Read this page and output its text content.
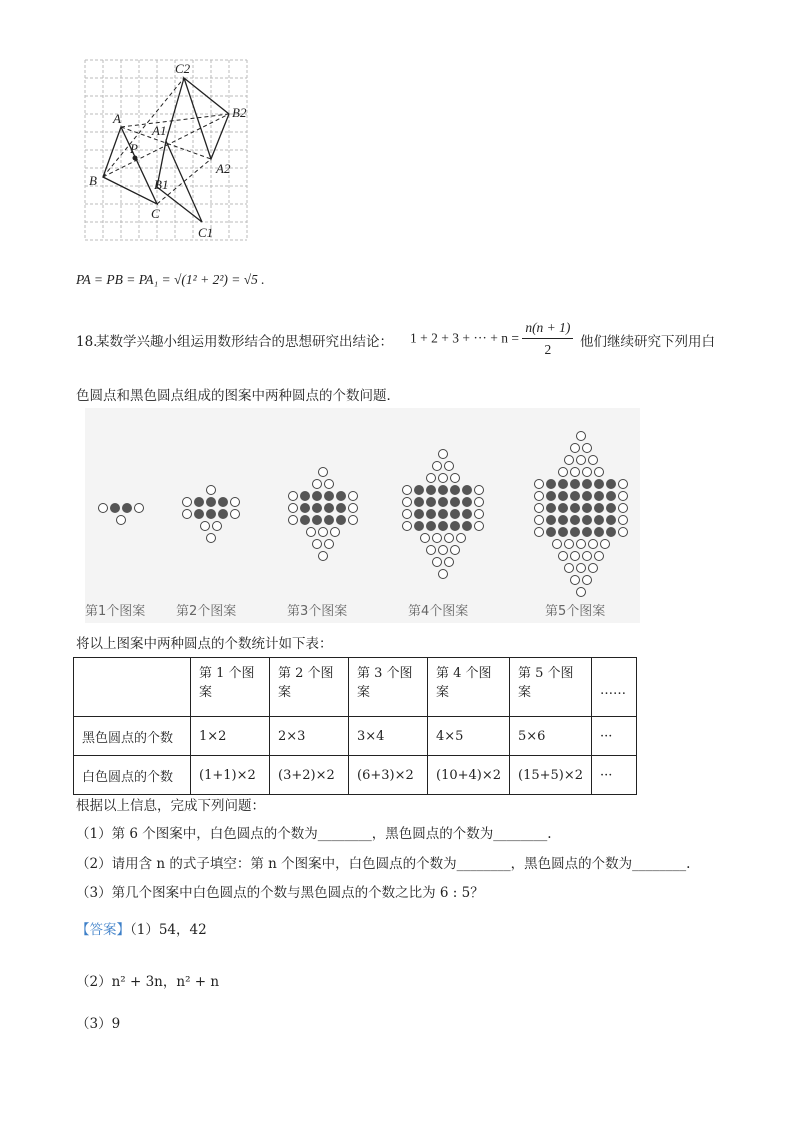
C2
B2
A
A1
P
B	B1
C
A2
C1
PA = PB = PA₁ = √(1² + 2²) = √5 .
18.
某数学兴趣小组运用数形结合的思想研究出结论： 1 + 2 + 3 + ··· + $n = \frac{n(n + 1)}{2}$ 他们继续研究下列用白
色圆点和黑色圆点组成的图案中两种圆点的个数问题．
第1个图案 第2个图案	第3个图案	第4个图案	第5个图案
将以上图案中两种圆点的个数统计如下表：
	第 1 个图案	第 2 个图案	第 3 个图案	第 4 个图案	第 5 个图案	……
黑色圆点的个数	1×2	2×3	3×4	4×5	5×6	···
白色圆点的个数	(1+1)×2	(3+2)×2	(6+3)×2	(10+4)×2	(15+5)×2	···
根据以上信息，完成下列问题：
（1）第 6 个图案中，白色圆点的个数为________，黑色圆点的个数为________.
（2）请用含 n 的式子填空：第 n 个图案中，白色圆点的个数为________，黑色圆点的个数为________.
（3）第几个图案中白色圆点的个数与黑色圆点的个数之比为 6 : 5？
【答案】（1）54，42
（2）n² + 3n，n² + n
（3）9
